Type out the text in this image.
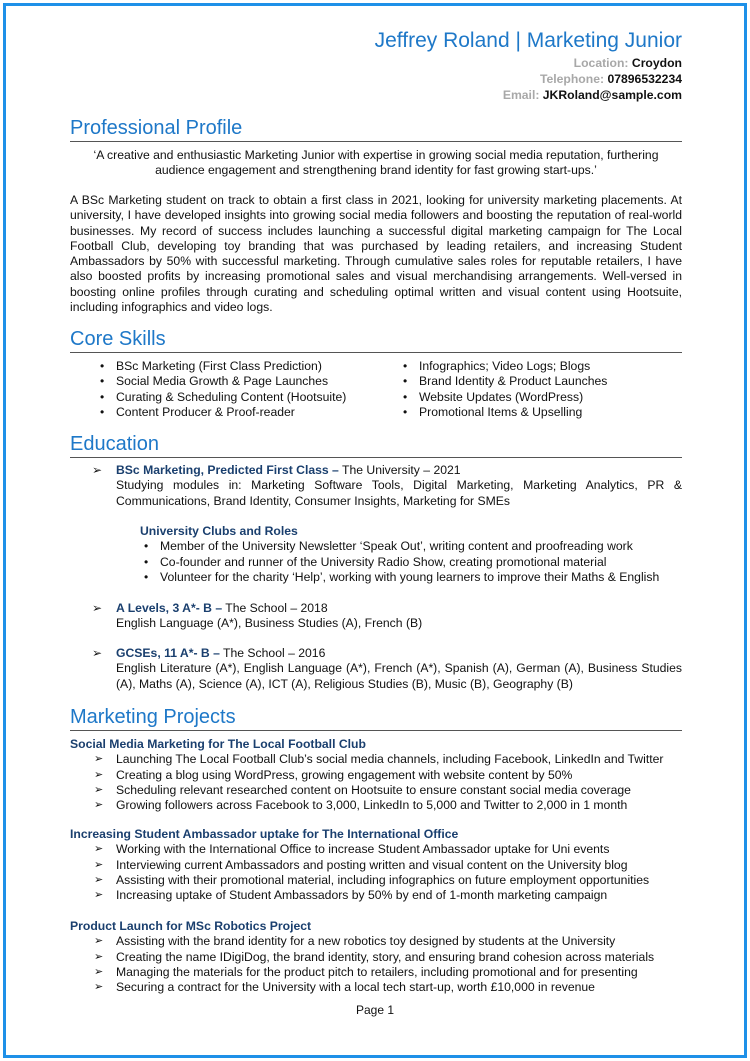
Jeffrey Roland | Marketing Junior
Location: Croydon
Telephone: 07896532234
Email: JKRoland@sample.com
Professional Profile
‘A creative and enthusiastic Marketing Junior with expertise in growing social media reputation, furthering audience engagement and strengthening brand identity for fast growing start-ups.’
A BSc Marketing student on track to obtain a first class in 2021, looking for university marketing placements. At university, I have developed insights into growing social media followers and boosting the reputation of real-world businesses. My record of success includes launching a successful digital marketing campaign for The Local Football Club, developing toy branding that was purchased by leading retailers, and increasing Student Ambassadors by 50% with successful marketing. Through cumulative sales roles for reputable retailers, I have also boosted profits by increasing promotional sales and visual merchandising arrangements. Well-versed in boosting online profiles through curating and scheduling optimal written and visual content using Hootsuite, including infographics and video logs.
Core Skills
• BSc Marketing (First Class Prediction)
• Social Media Growth & Page Launches
• Curating & Scheduling Content (Hootsuite)
• Content Producer & Proof-reader
• Infographics; Video Logs; Blogs
• Brand Identity & Product Launches
• Website Updates (WordPress)
• Promotional Items & Upselling
Education
➢ BSc Marketing, Predicted First Class – The University – 2021
Studying modules in: Marketing Software Tools, Digital Marketing, Marketing Analytics, PR & Communications, Brand Identity, Consumer Insights, Marketing for SMEs
University Clubs and Roles
• Member of the University Newsletter ‘Speak Out’, writing content and proofreading work
• Co-founder and runner of the University Radio Show, creating promotional material
• Volunteer for the charity ‘Help’, working with young learners to improve their Maths & English
➢ A Levels, 3 A*- B – The School – 2018
English Language (A*), Business Studies (A), French (B)
➢ GCSEs, 11 A*- B – The School – 2016
English Literature (A*), English Language (A*), French (A*), Spanish (A), German (A), Business Studies (A), Maths (A), Science (A), ICT (A), Religious Studies (B), Music (B), Geography (B)
Marketing Projects
Social Media Marketing for The Local Football Club
➢ Launching The Local Football Club’s social media channels, including Facebook, LinkedIn and Twitter
➢ Creating a blog using WordPress, growing engagement with website content by 50%
➢ Scheduling relevant researched content on Hootsuite to ensure constant social media coverage
➢ Growing followers across Facebook to 3,000, LinkedIn to 5,000 and Twitter to 2,000 in 1 month
Increasing Student Ambassador uptake for The International Office
➢ Working with the International Office to increase Student Ambassador uptake for Uni events
➢ Interviewing current Ambassadors and posting written and visual content on the University blog
➢ Assisting with their promotional material, including infographics on future employment opportunities
➢ Increasing uptake of Student Ambassadors by 50% by end of 1-month marketing campaign
Product Launch for MSc Robotics Project
➢ Assisting with the brand identity for a new robotics toy designed by students at the University
➢ Creating the name IDigiDog, the brand identity, story, and ensuring brand cohesion across materials
➢ Managing the materials for the product pitch to retailers, including promotional and for presenting
➢ Securing a contract for the University with a local tech start-up, worth £10,000 in revenue
Page 1
